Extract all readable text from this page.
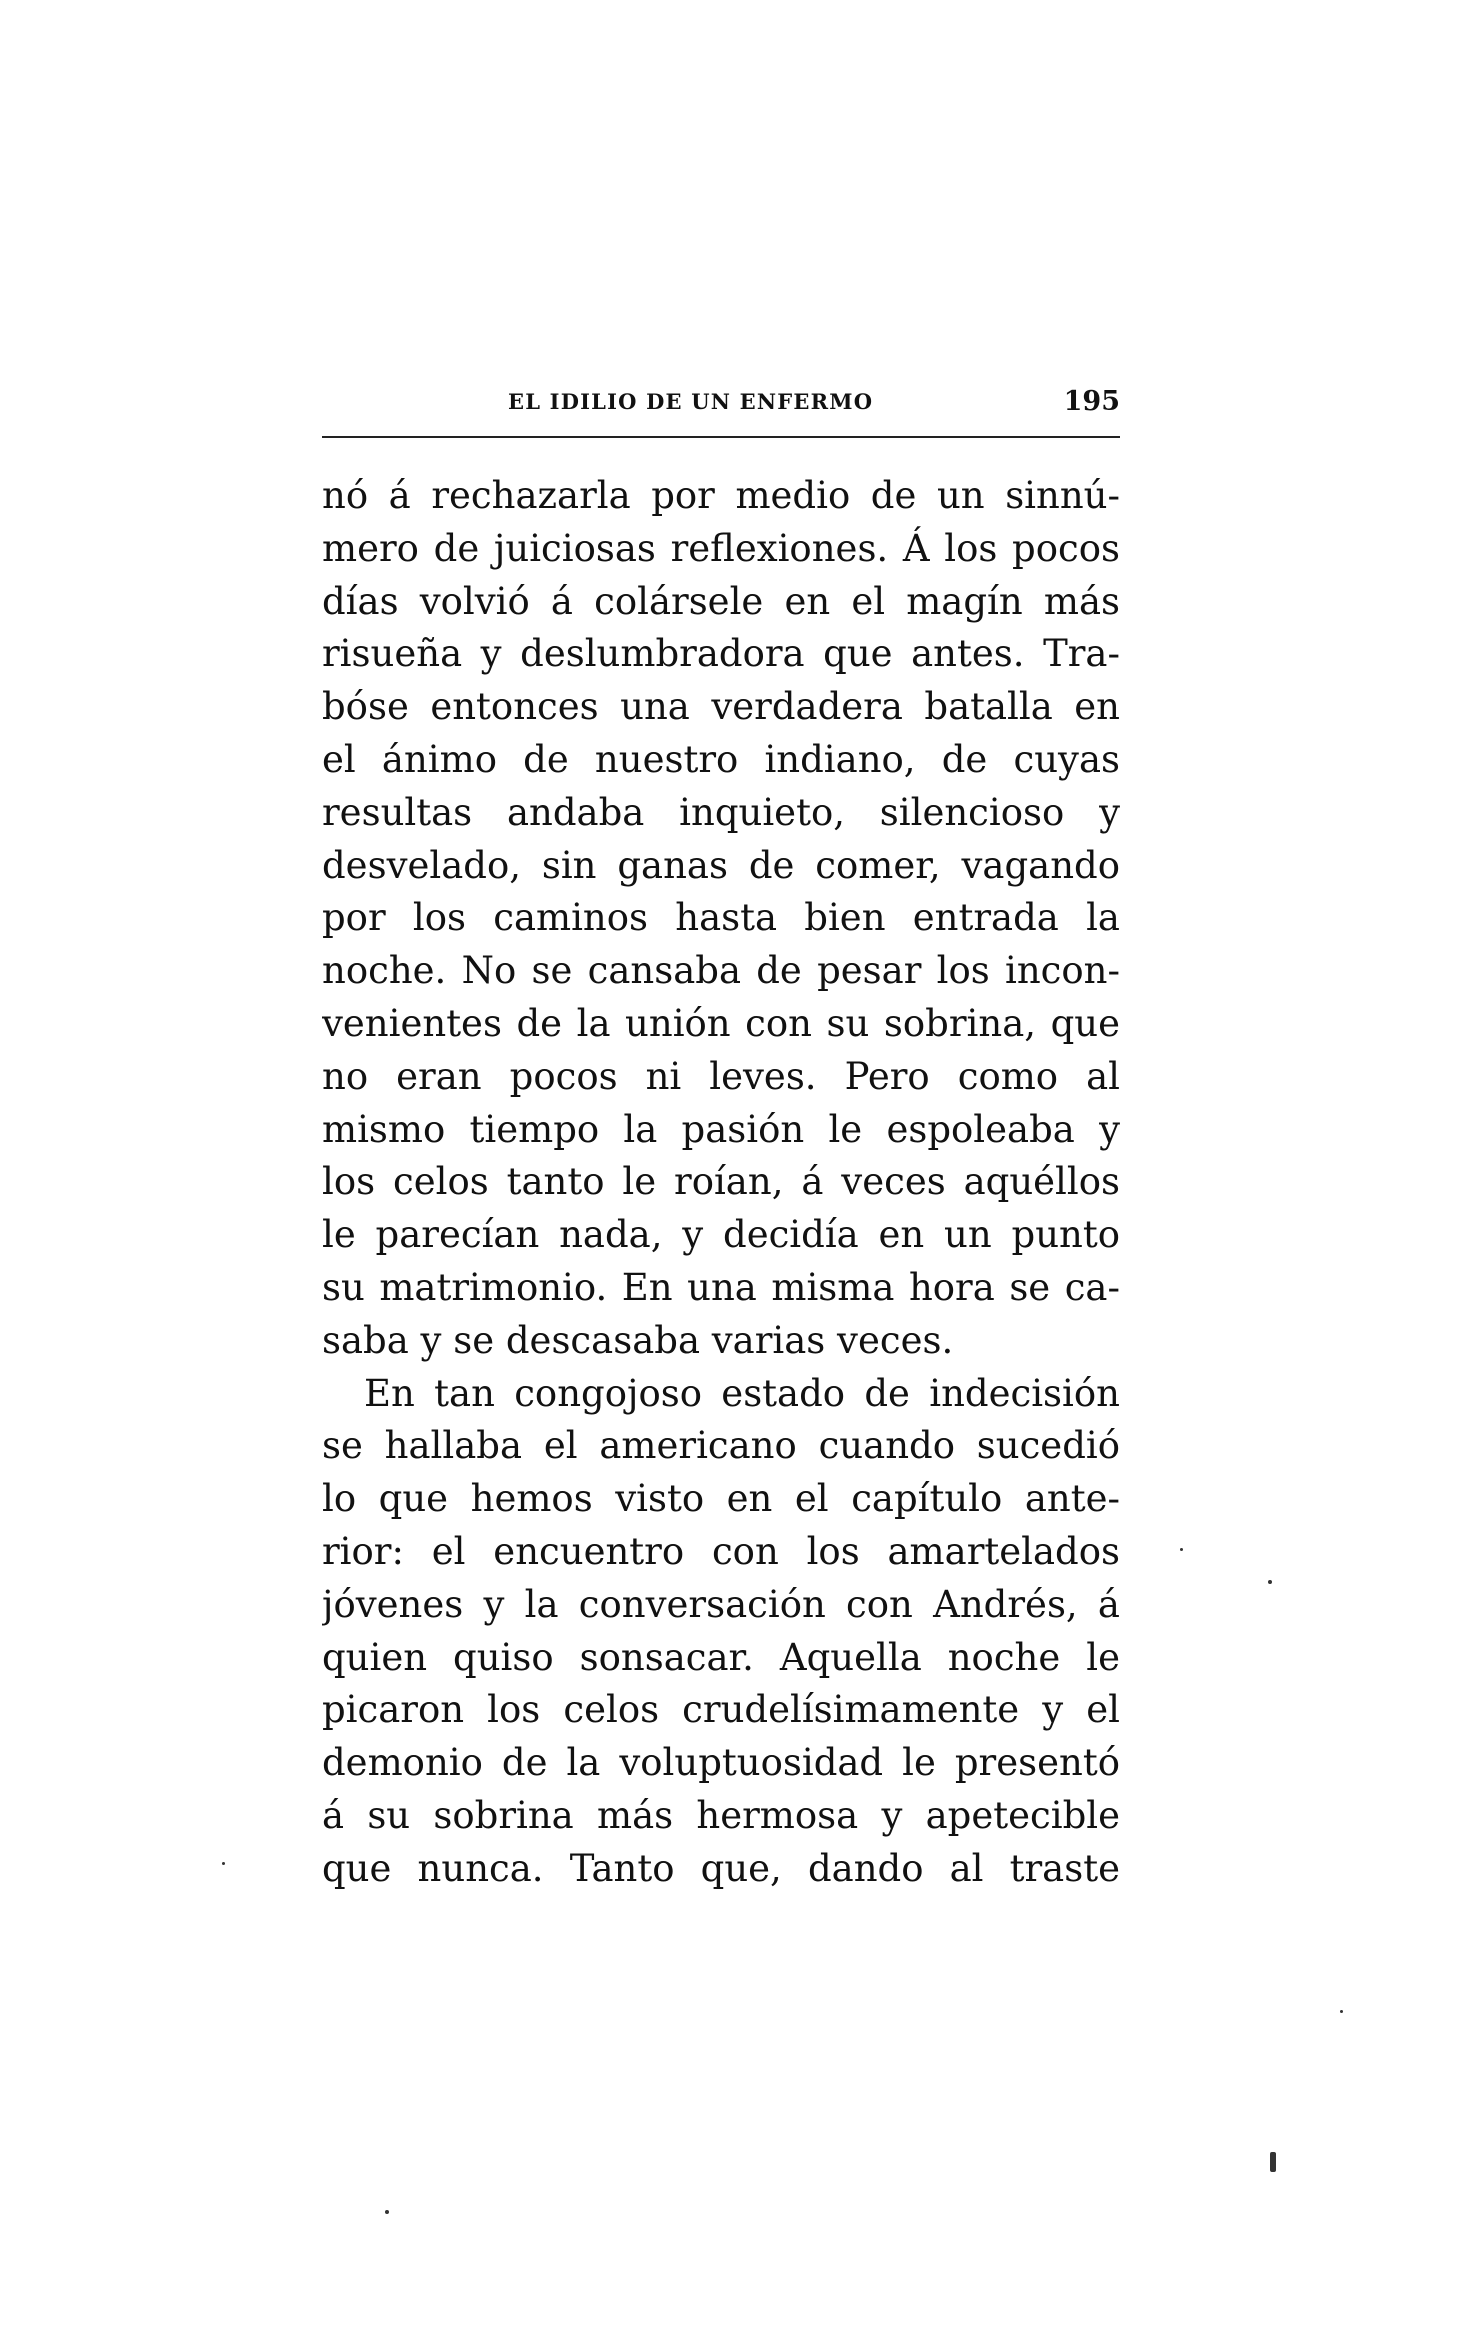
EL IDILIO DE UN ENFERMO	195
nó á rechazarla por medio de un sinnú-
mero de juiciosas reflexiones. Á los pocos
días volvió á colársele en el magín más
risueña y deslumbradora que antes. Tra-
bóse entonces una verdadera batalla en
el ánimo de nuestro indiano, de cuyas
resultas andaba inquieto, silencioso y
desvelado, sin ganas de comer, vagando
por los caminos hasta bien entrada la
noche. No se cansaba de pesar los incon-
venientes de la unión con su sobrina, que
no eran pocos ni leves. Pero como al
mismo tiempo la pasión le espoleaba y
los celos tanto le roían, á veces aquéllos
le parecían nada, y decidía en un punto
su matrimonio. En una misma hora se ca-
saba y se descasaba varias veces.
En tan congojoso estado de indecisión
se hallaba el americano cuando sucedió
lo que hemos visto en el capítulo ante-
rior: el encuentro con los amartelados
jóvenes y la conversación con Andrés, á
quien quiso sonsacar. Aquella noche le
picaron los celos crudelísimamente y el
demonio de la voluptuosidad le presentó
á su sobrina más hermosa y apetecible
que nunca. Tanto que, dando al traste
